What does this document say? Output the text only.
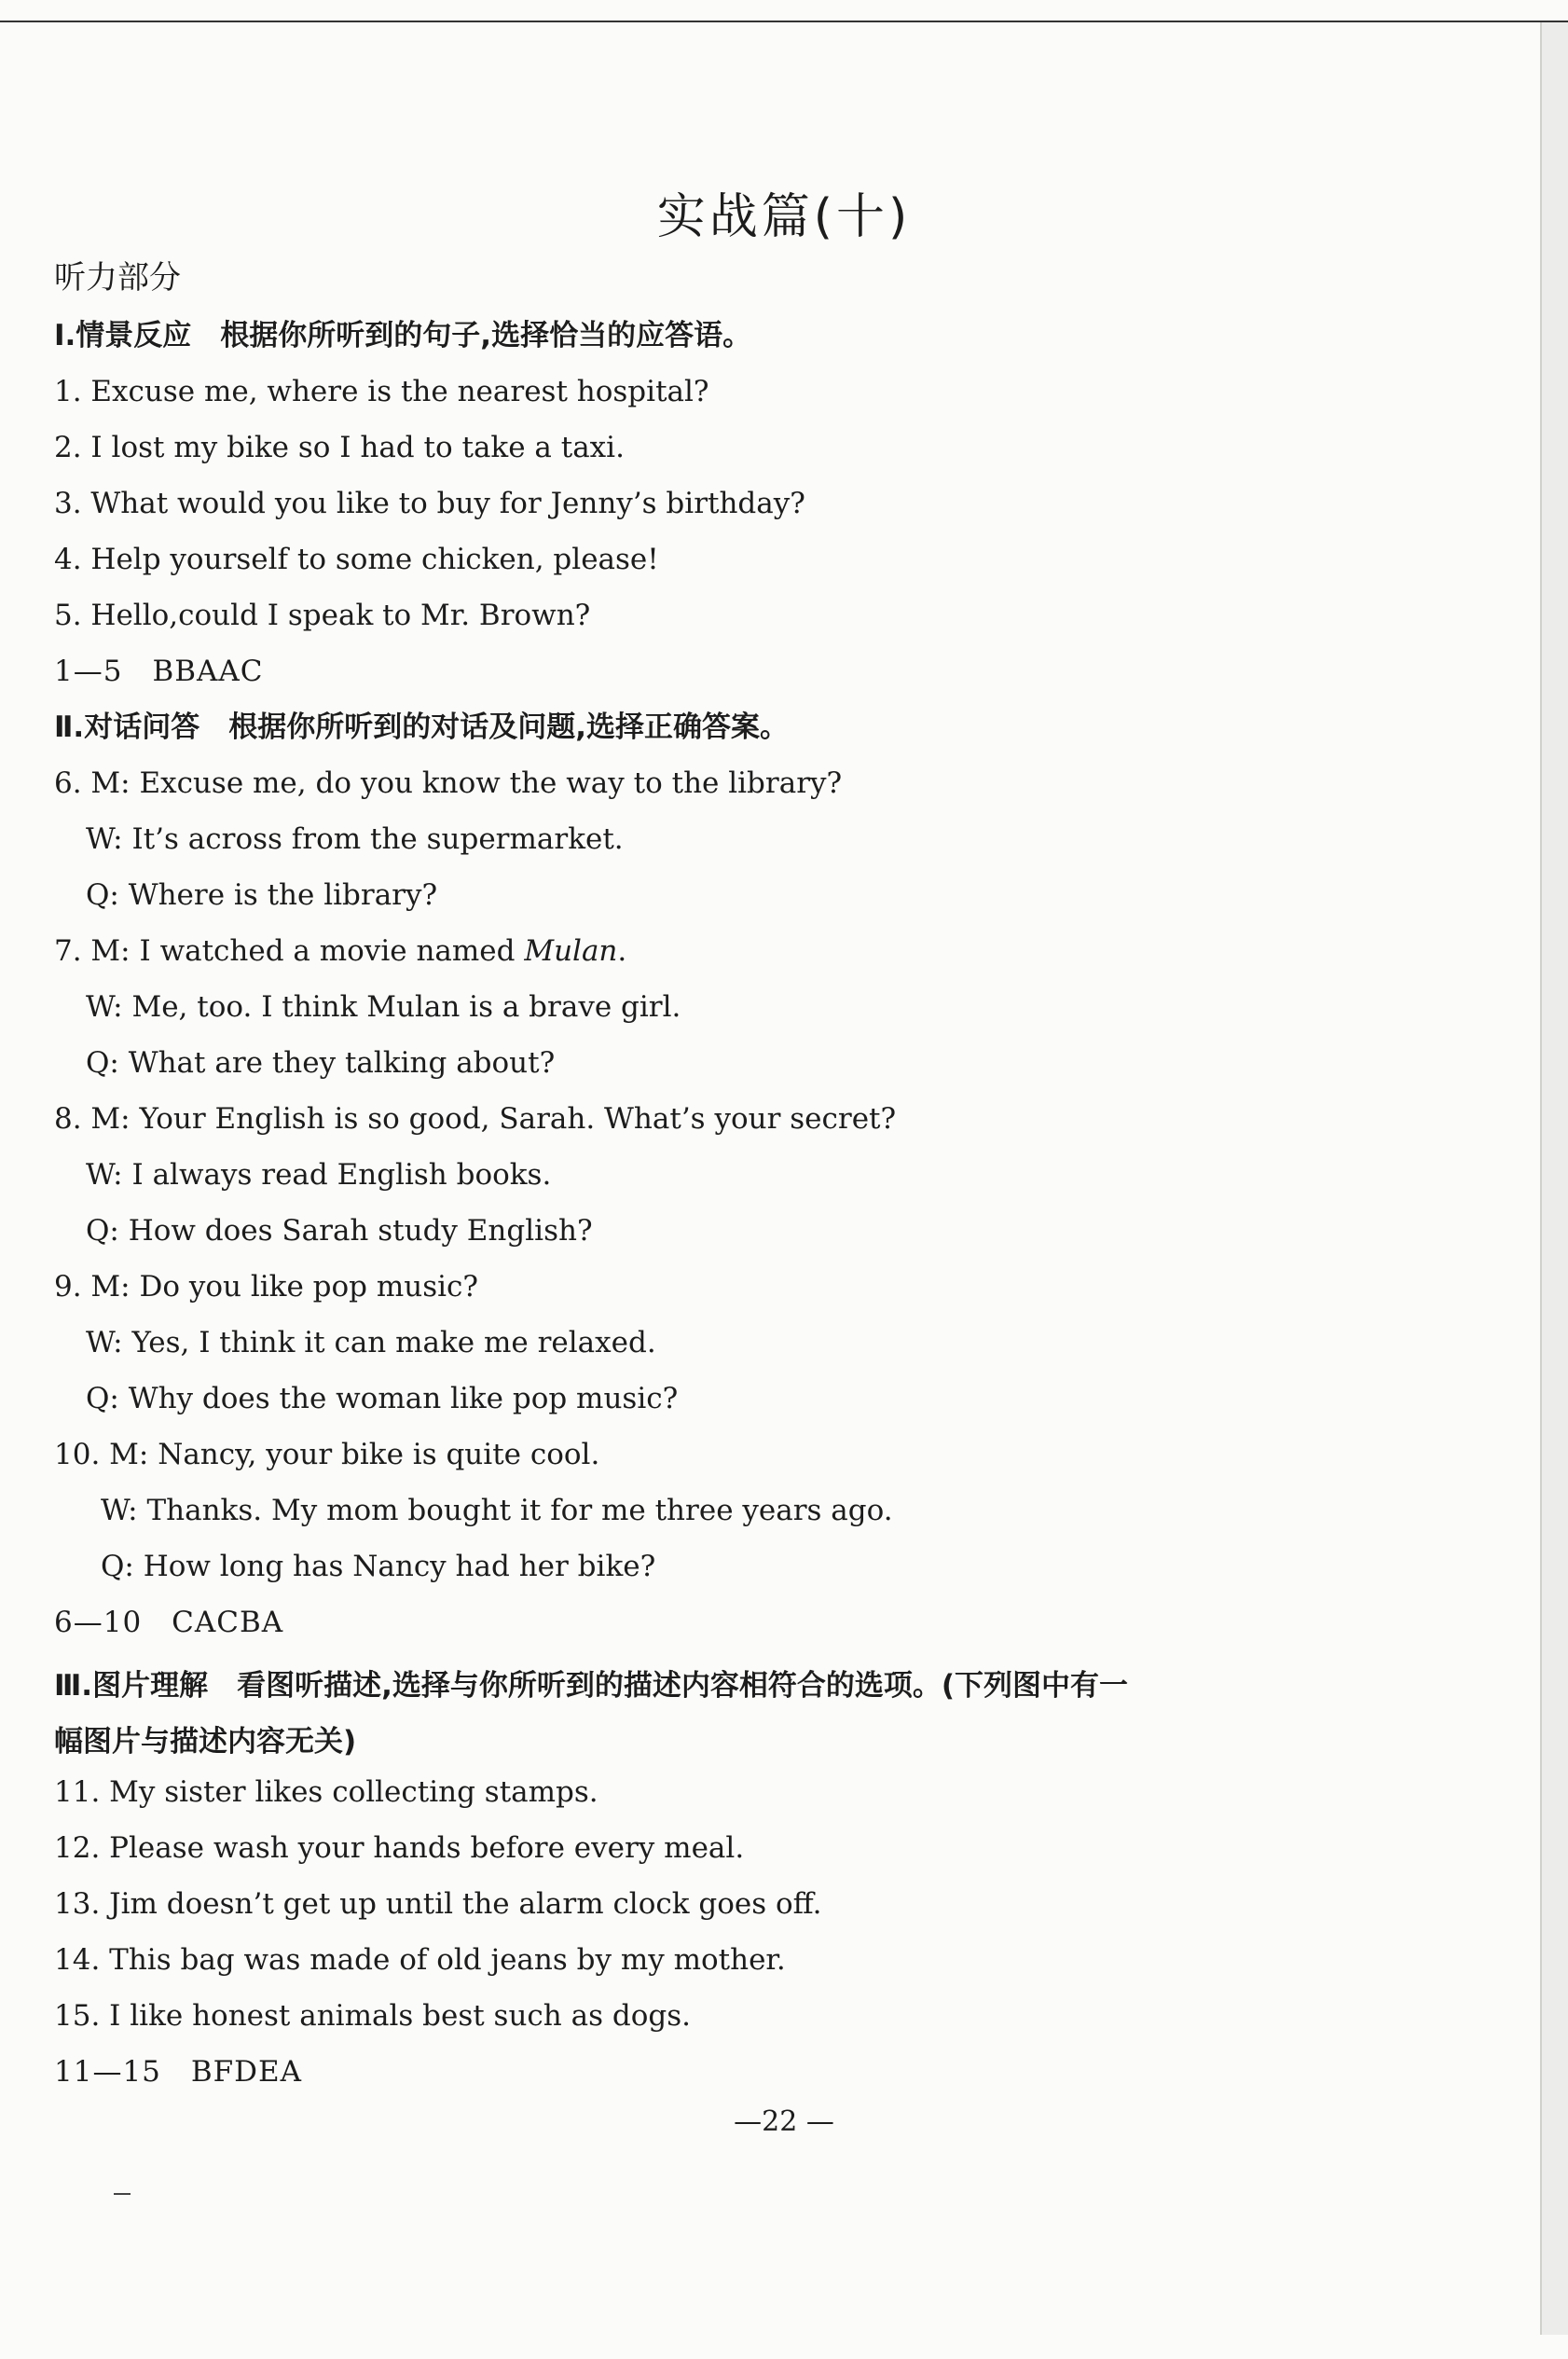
实战篇(十)
听力部分
Ⅰ.情景反应　根据你所听到的句子,选择恰当的应答语。
1. Excuse me, where is the nearest hospital?
2. I lost my bike so I had to take a taxi.
3. What would you like to buy for Jenny’s birthday?
4. Help yourself to some chicken, please!
5. Hello,could I speak to Mr. Brown?
1—5　BBAAC
Ⅱ.对话问答　根据你所听到的对话及问题,选择正确答案。
6. M: Excuse me, do you know the way to the library?
W: It’s across from the supermarket.
Q: Where is the library?
7. M: I watched a movie named Mulan.
W: Me, too. I think Mulan is a brave girl.
Q: What are they talking about?
8. M: Your English is so good, Sarah. What’s your secret?
W: I always read English books.
Q: How does Sarah study English?
9. M: Do you like pop music?
W: Yes, I think it can make me relaxed.
Q: Why does the woman like pop music?
10. M: Nancy, your bike is quite cool.
W: Thanks. My mom bought it for me three years ago.
Q: How long has Nancy had her bike?
6—10　CACBA
Ⅲ.图片理解　看图听描述,选择与你所听到的描述内容相符合的选项。(下列图中有一
幅图片与描述内容无关)
11. My sister likes collecting stamps.
12. Please wash your hands before every meal.
13. Jim doesn’t get up until the alarm clock goes off.
14. This bag was made of old jeans by my mother.
15. I like honest animals best such as dogs.
11—15　BFDEA
—22 —
